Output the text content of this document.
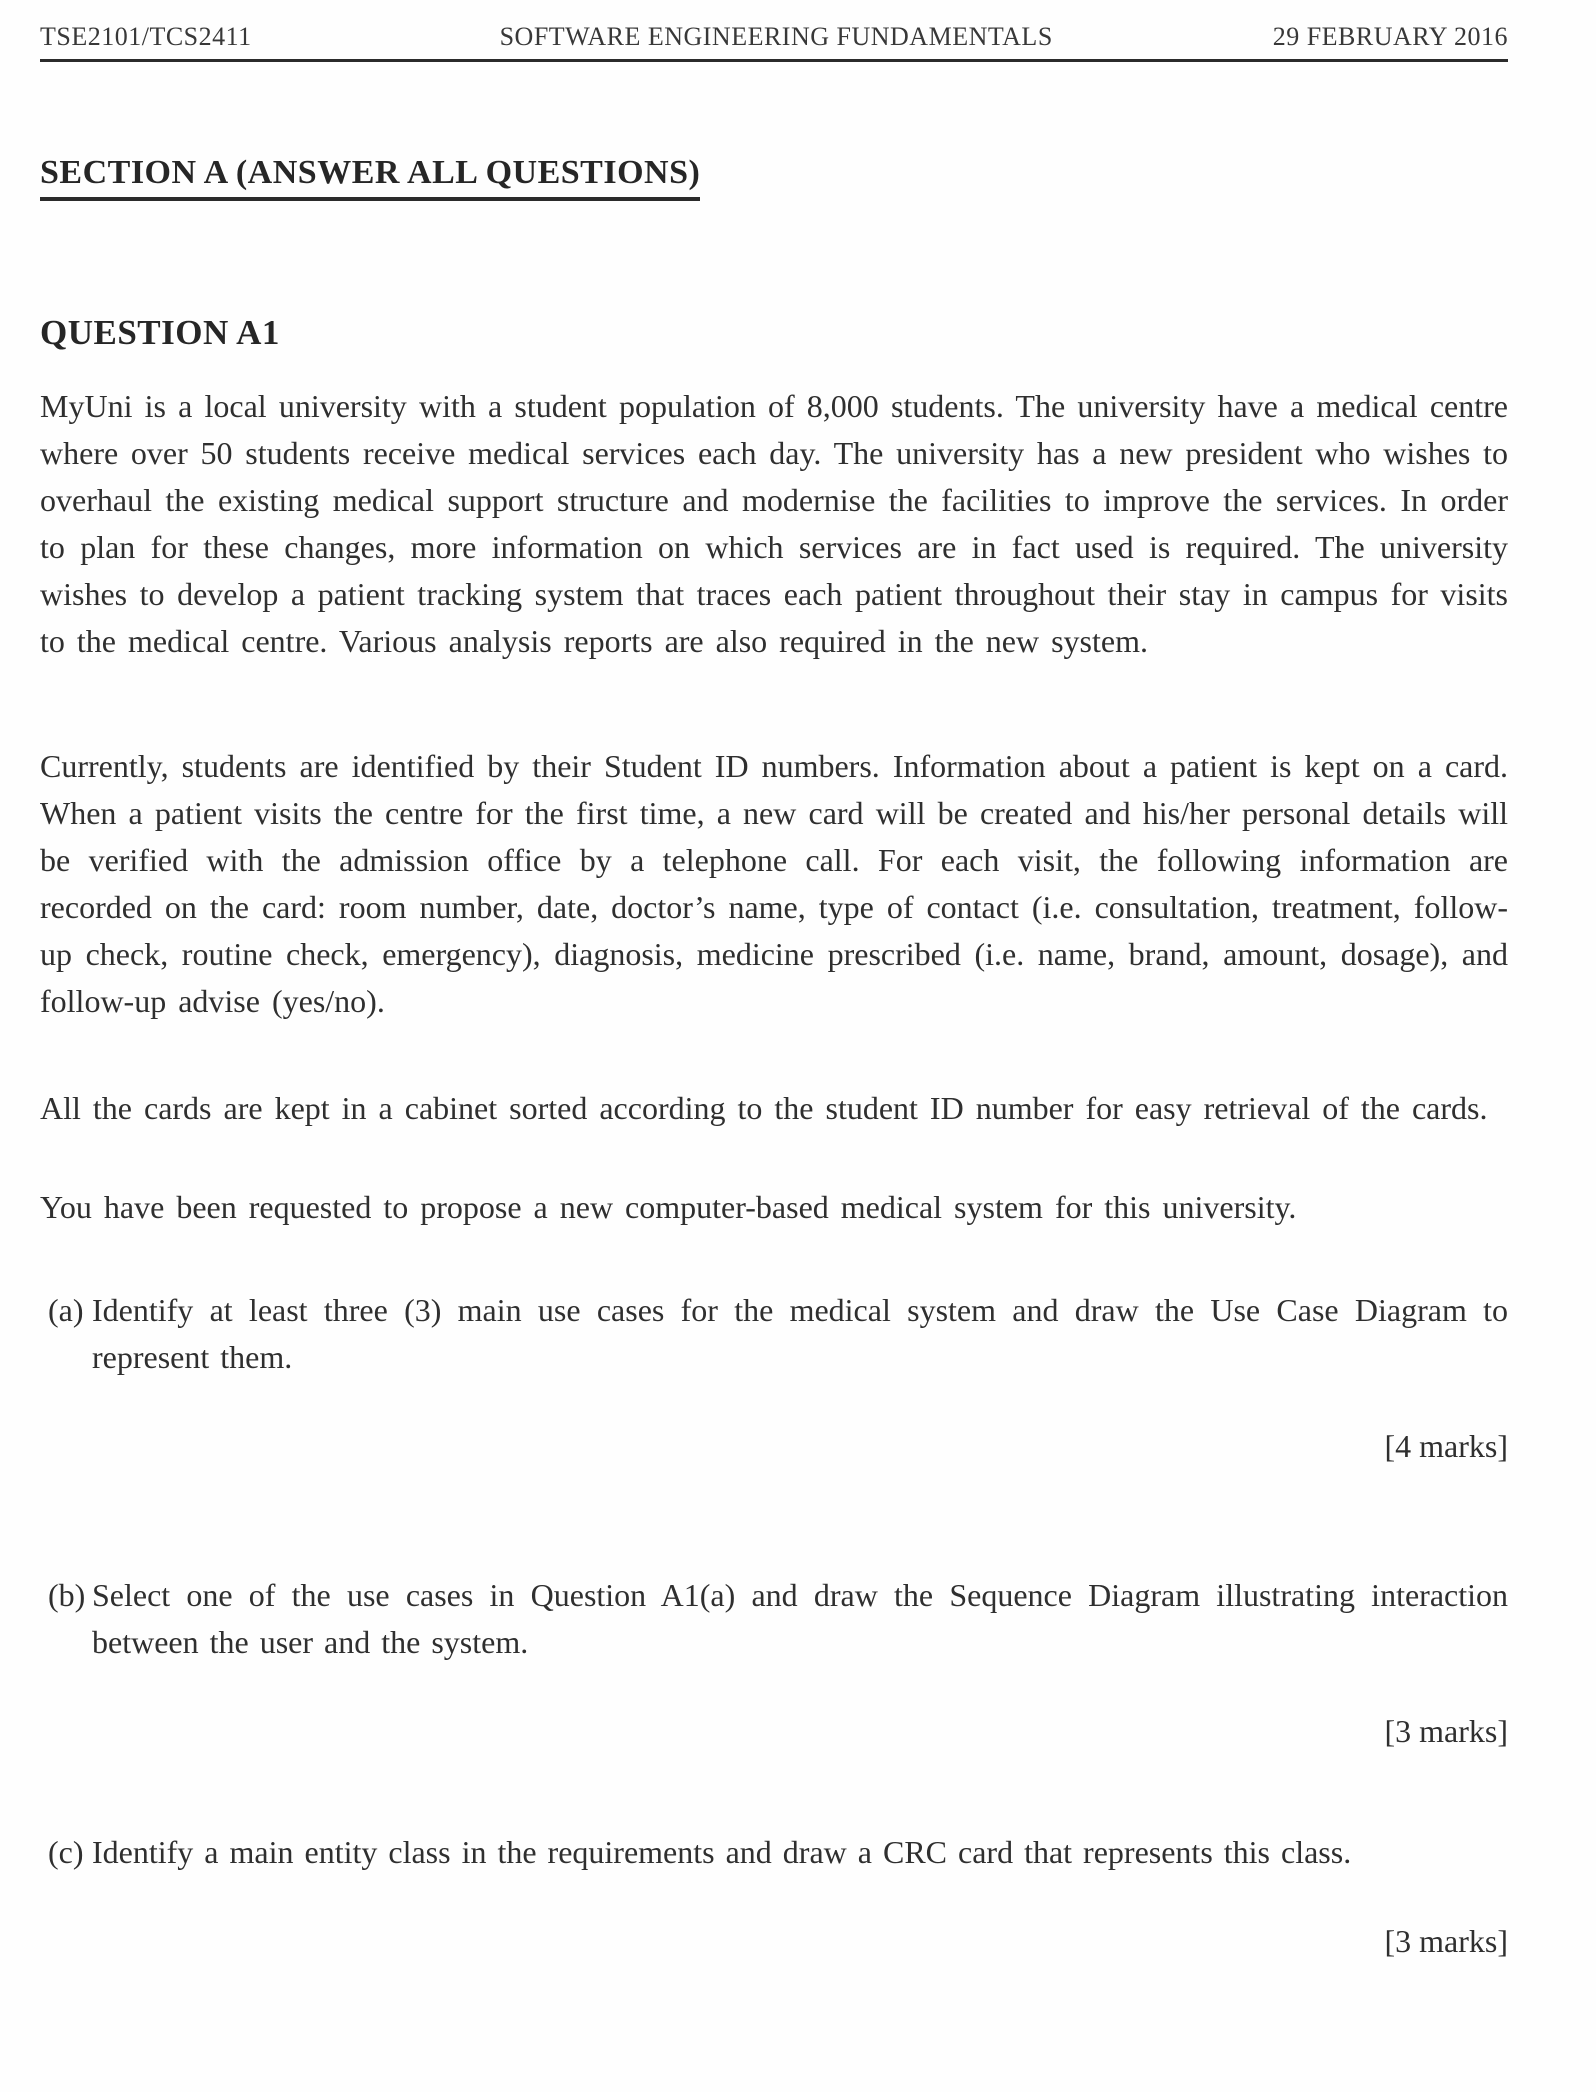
TSE2101/TCS2411	SOFTWARE ENGINEERING FUNDAMENTALS	29 FEBRUARY 2016
SECTION A (ANSWER ALL QUESTIONS)
QUESTION A1

MyUni is a local university with a student population of 8,000 students. The university have a medical centre where over 50 students receive medical services each day. The university has a new president who wishes to overhaul the existing medical support structure and modernise the facilities to improve the services. In order to plan for these changes, more information on which services are in fact used is required. The university wishes to develop a patient tracking system that traces each patient throughout their stay in campus for visits to the medical centre. Various analysis reports are also required in the new system.

Currently, students are identified by their Student ID numbers. Information about a patient is kept on a card. When a patient visits the centre for the first time, a new card will be created and his/her personal details will be verified with the admission office by a telephone call. For each visit, the following information are recorded on the card: room number, date, doctor’s name, type of contact (i.e. consultation, treatment, follow-up check, routine check, emergency), diagnosis, medicine prescribed (i.e. name, brand, amount, dosage), and follow-up advise (yes/no).

All the cards are kept in a cabinet sorted according to the student ID number for easy retrieval of the cards.

You have been requested to propose a new computer-based medical system for this university.

(a) Identify at least three (3) main use cases for the medical system and draw the Use Case Diagram to represent them.

[4 marks]
(b) Select one of the use cases in Question A1(a) and draw the Sequence Diagram illustrating interaction between the user and the system.

[3 marks]
(c) Identify a main entity class in the requirements and draw a CRC card that represents this class.

[3 marks]
